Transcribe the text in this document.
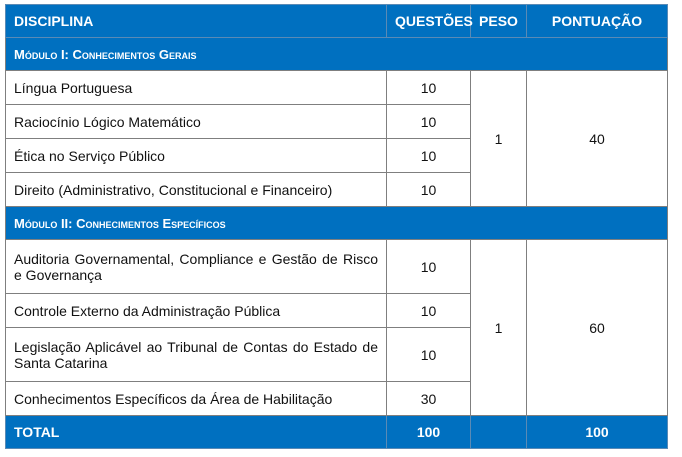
DISCIPLINA	QUESTÕES	PESO	PONTUAÇÃO
Módulo I: Conhecimentos Gerais			
Língua Portuguesa	10	1	40
Raciocínio Lógico Matemático	10		
Ética no Serviço Público	10		
Direito (Administrativo, Constitucional e Financeiro)	10		
Módulo II: Conhecimentos Específicos			
Auditoria Governamental, Compliance e Gestão de Risco e Governança	10	1	60
Controle Externo da Administração Pública	10		
Legislação Aplicável ao Tribunal de Contas do Estado de Santa Catarina	10		
Conhecimentos Específicos da Área de Habilitação	30		
TOTAL	100		100
